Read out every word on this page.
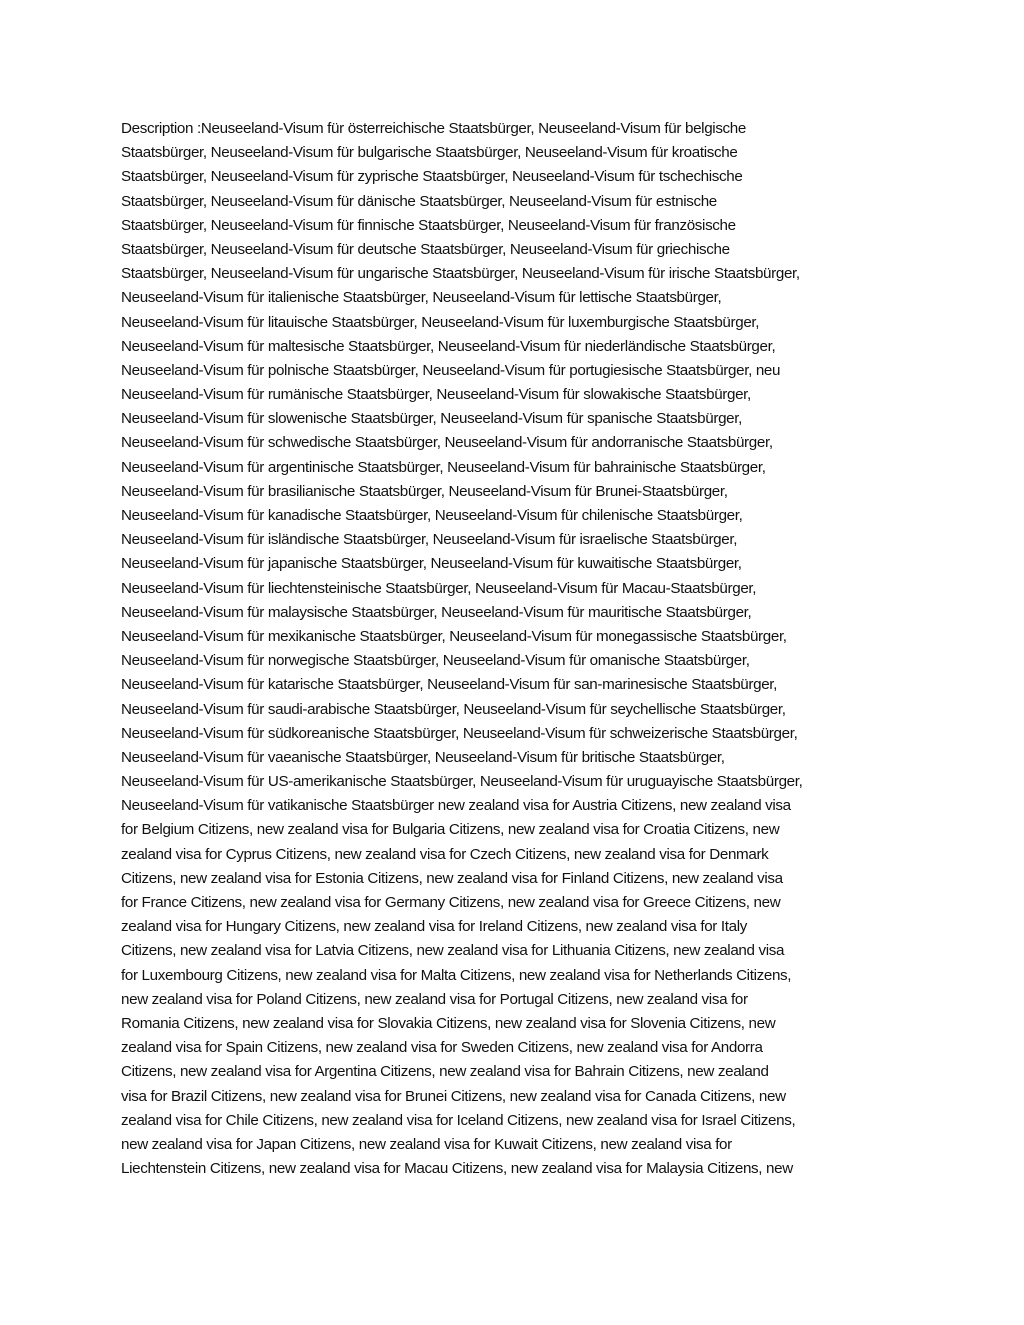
Description :Neuseeland-Visum für österreichische Staatsbürger, Neuseeland-Visum für belgische
Staatsbürger, Neuseeland-Visum für bulgarische Staatsbürger, Neuseeland-Visum für kroatische
Staatsbürger, Neuseeland-Visum für zyprische Staatsbürger, Neuseeland-Visum für tschechische
Staatsbürger, Neuseeland-Visum für dänische Staatsbürger, Neuseeland-Visum für estnische
Staatsbürger, Neuseeland-Visum für finnische Staatsbürger, Neuseeland-Visum für französische
Staatsbürger, Neuseeland-Visum für deutsche Staatsbürger, Neuseeland-Visum für griechische
Staatsbürger, Neuseeland-Visum für ungarische Staatsbürger, Neuseeland-Visum für irische Staatsbürger,
Neuseeland-Visum für italienische Staatsbürger, Neuseeland-Visum für lettische Staatsbürger,
Neuseeland-Visum für litauische Staatsbürger, Neuseeland-Visum für luxemburgische Staatsbürger,
Neuseeland-Visum für maltesische Staatsbürger, Neuseeland-Visum für niederländische Staatsbürger,
Neuseeland-Visum für polnische Staatsbürger, Neuseeland-Visum für portugiesische Staatsbürger, neu
Neuseeland-Visum für rumänische Staatsbürger, Neuseeland-Visum für slowakische Staatsbürger,
Neuseeland-Visum für slowenische Staatsbürger, Neuseeland-Visum für spanische Staatsbürger,
Neuseeland-Visum für schwedische Staatsbürger, Neuseeland-Visum für andorranische Staatsbürger,
Neuseeland-Visum für argentinische Staatsbürger, Neuseeland-Visum für bahrainische Staatsbürger,
Neuseeland-Visum für brasilianische Staatsbürger, Neuseeland-Visum für Brunei-Staatsbürger,
Neuseeland-Visum für kanadische Staatsbürger, Neuseeland-Visum für chilenische Staatsbürger,
Neuseeland-Visum für isländische Staatsbürger, Neuseeland-Visum für israelische Staatsbürger,
Neuseeland-Visum für japanische Staatsbürger, Neuseeland-Visum für kuwaitische Staatsbürger,
Neuseeland-Visum für liechtensteinische Staatsbürger, Neuseeland-Visum für Macau-Staatsbürger,
Neuseeland-Visum für malaysische Staatsbürger, Neuseeland-Visum für mauritische Staatsbürger,
Neuseeland-Visum für mexikanische Staatsbürger, Neuseeland-Visum für monegassische Staatsbürger,
Neuseeland-Visum für norwegische Staatsbürger, Neuseeland-Visum für omanische Staatsbürger,
Neuseeland-Visum für katarische Staatsbürger, Neuseeland-Visum für san-marinesische Staatsbürger,
Neuseeland-Visum für saudi-arabische Staatsbürger, Neuseeland-Visum für seychellische Staatsbürger,
Neuseeland-Visum für südkoreanische Staatsbürger, Neuseeland-Visum für schweizerische Staatsbürger,
Neuseeland-Visum für vaeanische Staatsbürger, Neuseeland-Visum für britische Staatsbürger,
Neuseeland-Visum für US-amerikanische Staatsbürger, Neuseeland-Visum für uruguayische Staatsbürger,
Neuseeland-Visum für vatikanische Staatsbürger new zealand visa for Austria Citizens, new zealand visa
for Belgium Citizens, new zealand visa for Bulgaria Citizens, new zealand visa for Croatia Citizens, new
zealand visa for Cyprus Citizens, new zealand visa for Czech Citizens, new zealand visa for Denmark
Citizens, new zealand visa for Estonia Citizens, new zealand visa for Finland Citizens, new zealand visa
for France Citizens, new zealand visa for Germany Citizens, new zealand visa for Greece Citizens, new
zealand visa for Hungary Citizens, new zealand visa for Ireland Citizens, new zealand visa for Italy
Citizens, new zealand visa for Latvia Citizens, new zealand visa for Lithuania Citizens, new zealand visa
for Luxembourg Citizens, new zealand visa for Malta Citizens, new zealand visa for Netherlands Citizens,
new zealand visa for Poland Citizens, new zealand visa for Portugal Citizens, new zealand visa for
Romania Citizens, new zealand visa for Slovakia Citizens, new zealand visa for Slovenia Citizens, new
zealand visa for Spain Citizens, new zealand visa for Sweden Citizens, new zealand visa for Andorra
Citizens, new zealand visa for Argentina Citizens, new zealand visa for Bahrain Citizens, new zealand
visa for Brazil Citizens, new zealand visa for Brunei Citizens, new zealand visa for Canada Citizens, new
zealand visa for Chile Citizens, new zealand visa for Iceland Citizens, new zealand visa for Israel Citizens,
new zealand visa for Japan Citizens, new zealand visa for Kuwait Citizens, new zealand visa for
Liechtenstein Citizens, new zealand visa for Macau Citizens, new zealand visa for Malaysia Citizens, new
